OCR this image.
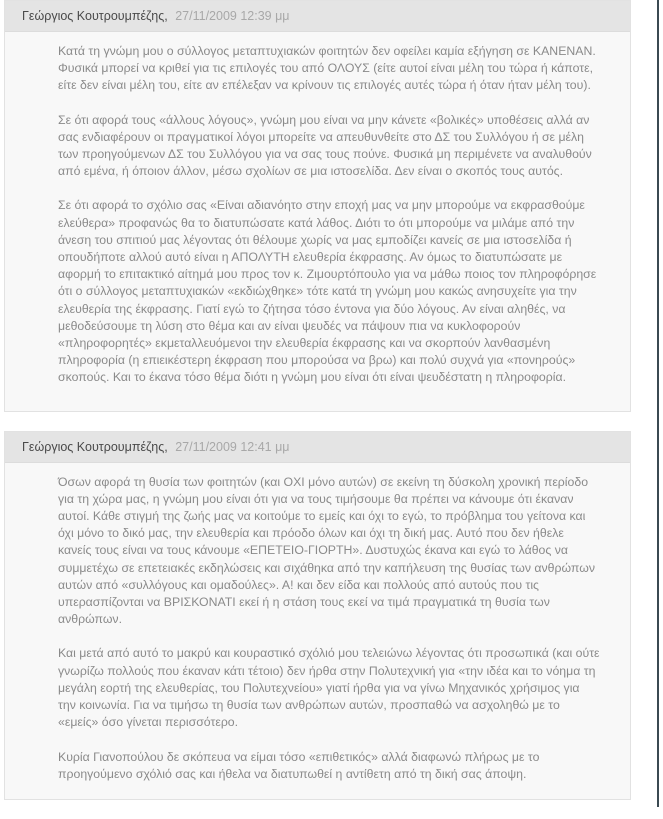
Γεώργιος Κουτρουμπέζης, 27/11/2009 12:39 μμ

Κατά τη γνώμη μου ο σύλλογος μεταπτυχιακών φοιτητών δεν οφείλει καμία εξήγηση σε ΚΑΝΕΝΑΝ. Φυσικά μπορεί να κριθεί για τις επιλογές του από ΟΛΟΥΣ (είτε αυτοί είναι μέλη του τώρα ή κάποτε, είτε δεν είναι μέλη του, είτε αν επέλεξαν να κρίνουν τις επιλογές αυτές τώρα ή όταν ήταν μέλη του).

Σε ότι αφορά τους «άλλους λόγους», γνώμη μου είναι να μην κάνετε «βολικές» υποθέσεις αλλά αν σας ενδιαφέρουν οι πραγματικοί λόγοι μπορείτε να απευθυνθείτε στο ΔΣ του Συλλόγου ή σε μέλη των προηγούμενων ΔΣ του Συλλόγου για να σας τους πούνε. Φυσικά μη περιμένετε να αναλυθούν από εμένα, ή όποιον άλλον, μέσω σχολίων σε μια ιστοσελίδα. Δεν είναι ο σκοπός τους αυτός.

Σε ότι αφορά το σχόλιο σας «Είναι αδιανόητο στην εποχή μας να μην μπορούμε να εκφρασθούμε ελεύθερα» προφανώς θα το διατυπώσατε κατά λάθος. Διότι το ότι μπορούμε να μιλάμε από την άνεση του σπιτιού μας λέγοντας ότι θέλουμε χωρίς να μας εμποδίζει κανείς σε μια ιστοσελίδα ή οπουδήποτε αλλού αυτό είναι η ΑΠΟΛΥΤΗ ελευθερία έκφρασης. Αν όμως το διατυπώσατε με αφορμή το επιτακτικό αίτημά μου προς τον κ. Ζιμουρτόπουλο για να μάθω ποιος τον πληροφόρησε ότι ο σύλλογος μεταπτυχιακών «εκδιώχθηκε» τότε κατά τη γνώμη μου κακώς ανησυχείτε για την ελευθερία της έκφρασης. Γιατί εγώ το ζήτησα τόσο έντονα για δύο λόγους. Αν είναι αληθές, να μεθοδεύσουμε τη λύση στο θέμα και αν είναι ψευδές να πάψουν πια να κυκλοφορούν «πληροφορητές» εκμεταλλευόμενοι την ελευθερία έκφρασης και να σκορπούν λανθασμένη πληροφορία (η επιεικέστερη έκφραση που μπορούσα να βρω) και πολύ συχνά για «πονηρούς» σκοπούς. Και το έκανα τόσο θέμα διότι η γνώμη μου είναι ότι είναι ψευδέστατη η πληροφορία.

Γεώργιος Κουτρουμπέζης, 27/11/2009 12:41 μμ

Όσων αφορά τη θυσία των φοιτητών (και ΟΧΙ μόνο αυτών) σε εκείνη τη δύσκολη χρονική περίοδο για τη χώρα μας, η γνώμη μου είναι ότι για να τους τιμήσουμε θα πρέπει να κάνουμε ότι έκαναν αυτοί. Κάθε στιγμή της ζωής μας να κοιτούμε το εμείς και όχι το εγώ, το πρόβλημα του γείτονα και όχι μόνο το δικό μας, την ελευθερία και πρόοδο όλων και όχι τη δική μας. Αυτό που δεν ήθελε κανείς τους είναι να τους κάνουμε «ΕΠΕΤΕΙΟ-ΓΙΟΡΤΗ». Δυστυχώς έκανα και εγώ το λάθος να συμμετέχω σε επετειακές εκδηλώσεις και σιχάθηκα από την καπήλευση της θυσίας των ανθρώπων αυτών από «συλλόγους και ομαδούλες». Α! και δεν είδα και πολλούς από αυτούς που τις υπερασπίζονται να ΒΡΙΣΚΟΝΑΤΙ εκεί ή η στάση τους εκεί να τιμά πραγματικά τη θυσία των ανθρώπων.

Και μετά από αυτό το μακρύ και κουραστικό σχόλιό μου τελειώνω λέγοντας ότι προσωπικά (και ούτε γνωρίζω πολλούς που έκαναν κάτι τέτοιο) δεν ήρθα στην Πολυτεχνική για «την ιδέα και το νόημα τη μεγάλη εορτή της ελευθερίας, του Πολυτεχνείου» γιατί ήρθα για να γίνω Μηχανικός χρήσιμος για την κοινωνία. Για να τιμήσω τη θυσία των ανθρώπων αυτών, προσπαθώ να ασχοληθώ με το «εμείς» όσο γίνεται περισσότερο.

Κυρία Γιανοπούλου δε σκόπευα να είμαι τόσο «επιθετικός» αλλά διαφωνώ πλήρως με το προηγούμενο σχόλιό σας και ήθελα να διατυπωθεί η αντίθετη από τη δική σας άποψη.
